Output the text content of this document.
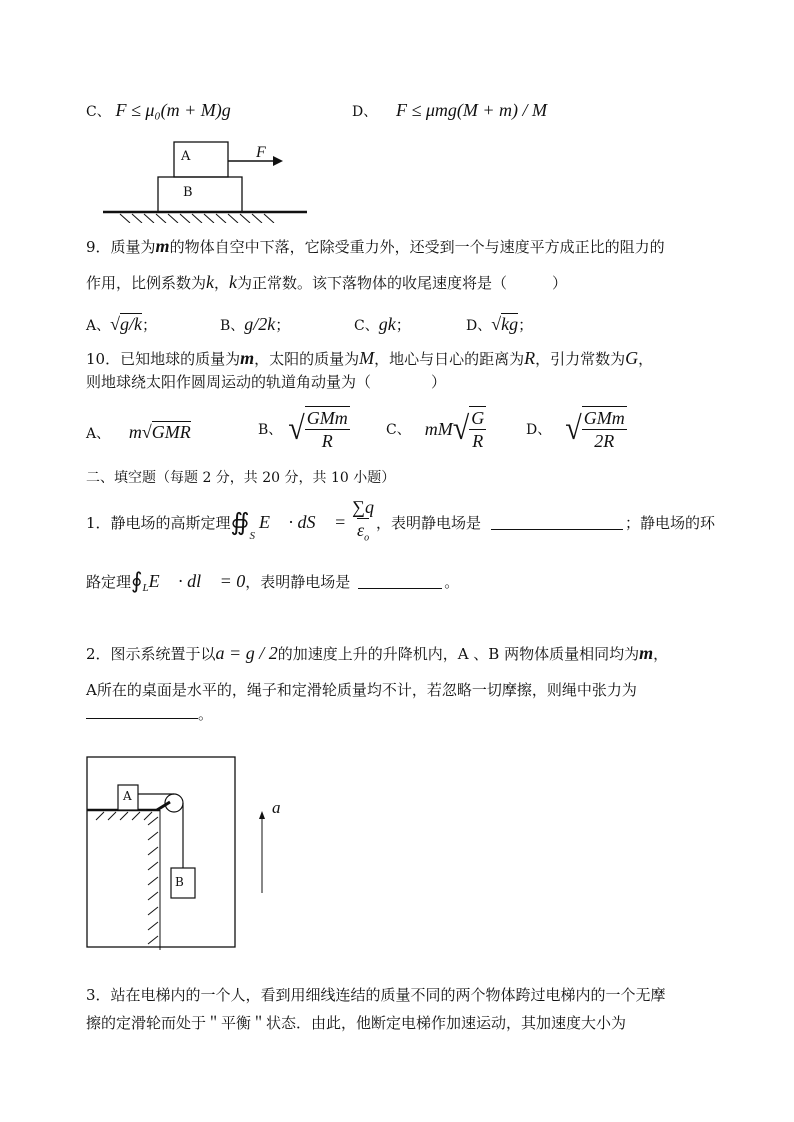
C、 F ≤ μ₀(m + M)g	D、 F ≤ μmg(M + m) / M
A
B
F⃗
9．质量为m的物体自空中下落，它除受重力外，还受到一个与速度平方成正比的阻力的
作用，比例系数为k，k为正常数。该下落物体的收尾速度将是（　　　）
A、√g/k；	B、g/2k；	C、gk；	D、√kg；
10．已知地球的质量为m，太阳的质量为M，地心与日心的距离为R，引力常数为G，
则地球绕太阳作圆周运动的轨道角动量为（　　　　）
A、 m√GMR	B、 √ $\frac{\text{GMm}}{R}$	C、 mM √ $\frac{G}{R}$	D、 √ $\frac{\text{GMm}}{2R}$
二、填空题（每题 2 分，共 20 分，共 10 小题）
1．静电场的高斯定理 $∯_S$
E⃗ · dS⃗ = $\frac{\sum q}{\varepsilon_o}$ ，表明静电场是	；静电场的环
路定理 $∮_L$ E⃗ · dl⃗ = 0 ，表明静电场是	。
2．图示系统置于以a = g / 2的加速度上升的升降机内，A 、B 两物体质量相同均为m，
A所在的桌面是水平的，绳子和定滑轮质量均不计，若忽略一切摩擦，则绳中张力为
。
A
B
a
3．站在电梯内的一个人，看到用细线连结的质量不同的两个物体跨过电梯内的一个无摩
擦的定滑轮而处于＂平衡＂状态．由此，他断定电梯作加速运动，其加速度大小为
